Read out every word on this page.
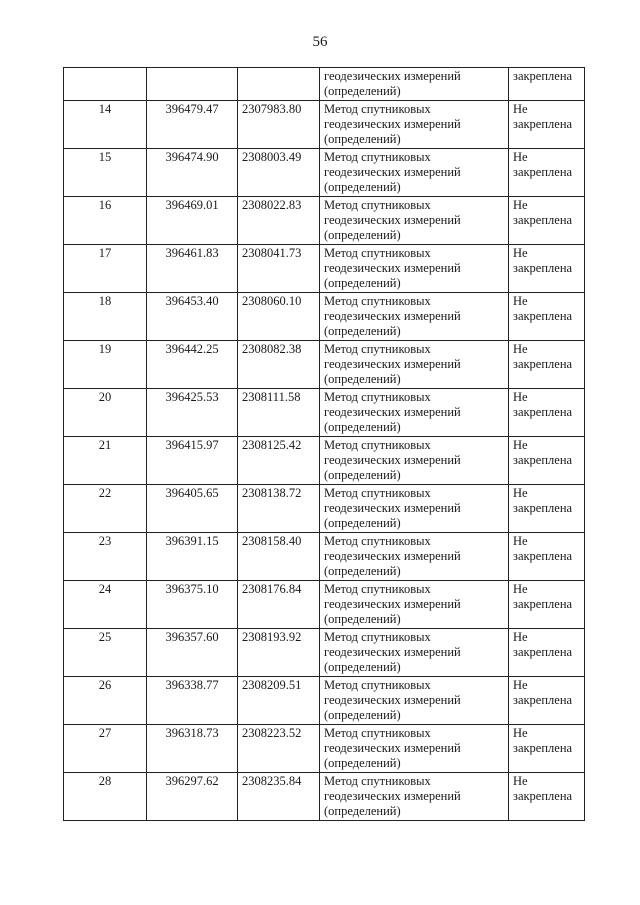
56

			геодезических измерений
(определений)	закреплена

14	396479.47	2307983.80	Метод спутниковых
геодезических измерений
(определений)	Не
закреплена

15	396474.90	2308003.49	Метод спутниковых
геодезических измерений
(определений)	Не
закреплена

16	396469.01	2308022.83	Метод спутниковых
геодезических измерений
(определений)	Не
закреплена

17	396461.83	2308041.73	Метод спутниковых
геодезических измерений
(определений)	Не
закреплена

18	396453.40	2308060.10	Метод спутниковых
геодезических измерений
(определений)	Не
закреплена

19	396442.25	2308082.38	Метод спутниковых
геодезических измерений
(определений)	Не
закреплена

20	396425.53	2308111.58	Метод спутниковых
геодезических измерений
(определений)	Не
закреплена

21	396415.97	2308125.42	Метод спутниковых
геодезических измерений
(определений)	Не
закреплена

22	396405.65	2308138.72	Метод спутниковых
геодезических измерений
(определений)	Не
закреплена

23	396391.15	2308158.40	Метод спутниковых
геодезических измерений
(определений)	Не
закреплена

24	396375.10	2308176.84	Метод спутниковых
геодезических измерений
(определений)	Не
закреплена

25	396357.60	2308193.92	Метод спутниковых
геодезических измерений
(определений)	Не
закреплена

26	396338.77	2308209.51	Метод спутниковых
геодезических измерений
(определений)	Не
закреплена

27	396318.73	2308223.52	Метод спутниковых
геодезических измерений
(определений)	Не
закреплена

28	396297.62	2308235.84	Метод спутниковых
геодезических измерений
(определений)	Не
закреплена
